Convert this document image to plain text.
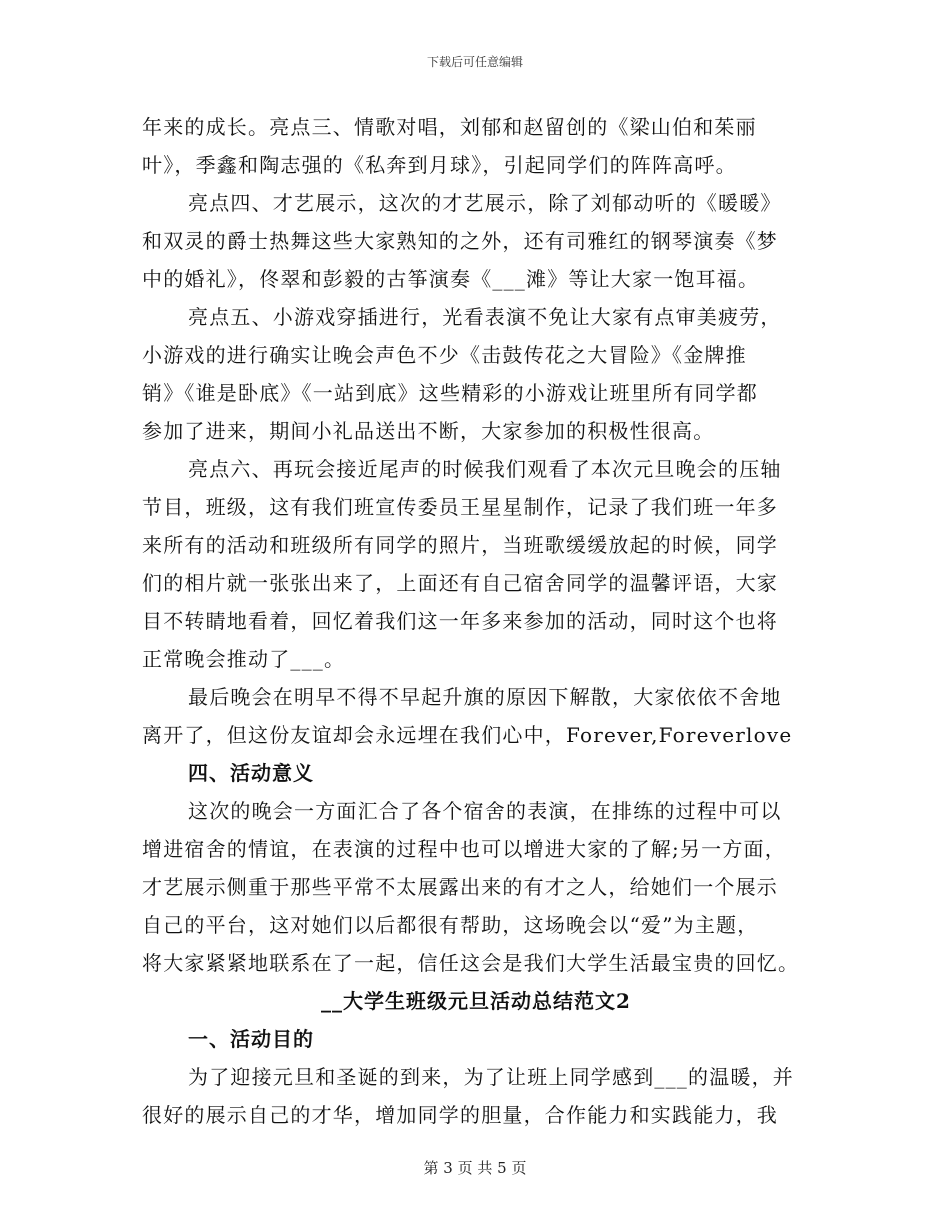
下载后可任意编辑

年来的成长。亮点三、情歌对唱，刘郁和赵留创的《梁山伯和茱丽

叶》，季鑫和陶志强的《私奔到月球》，引起同学们的阵阵高呼。

亮点四、才艺展示，这次的才艺展示，除了刘郁动听的《暖暖》

和双灵的爵士热舞这些大家熟知的之外，还有司雅红的钢琴演奏《梦

中的婚礼》，佟翠和彭毅的古筝演奏《___滩》等让大家一饱耳福。

亮点五、小游戏穿插进行，光看表演不免让大家有点审美疲劳，

小游戏的进行确实让晚会声色不少《击鼓传花之大冒险》《金牌推

销》《谁是卧底》《一站到底》这些精彩的小游戏让班里所有同学都

参加了进来，期间小礼品送出不断，大家参加的积极性很高。

亮点六、再玩会接近尾声的时候我们观看了本次元旦晚会的压轴

节目，班级，这有我们班宣传委员王星星制作，记录了我们班一年多

来所有的活动和班级所有同学的照片，当班歌缓缓放起的时候，同学

们的相片就一张张出来了，上面还有自己宿舍同学的温馨评语，大家

目不转睛地看着，回忆着我们这一年多来参加的活动，同时这个也将

正常晚会推动了___。

最后晚会在明早不得不早起升旗的原因下解散，大家依依不舍地

离开了，但这份友谊却会永远埋在我们心中，Forever,Foreverlove

四、活动意义

这次的晚会一方面汇合了各个宿舍的表演，在排练的过程中可以

增进宿舍的情谊，在表演的过程中也可以增进大家的了解;另一方面，

才艺展示侧重于那些平常不太展露出来的有才之人，给她们一个展示

自己的平台，这对她们以后都很有帮助，这场晚会以“爱”为主题，

将大家紧紧地联系在了一起，信任这会是我们大学生活最宝贵的回忆。

__大学生班级元旦活动总结范文2

一、活动目的

为了迎接元旦和圣诞的到来，为了让班上同学感到___的温暖，并

很好的展示自己的才华，增加同学的胆量，合作能力和实践能力，我

第 3 页 共 5 页
